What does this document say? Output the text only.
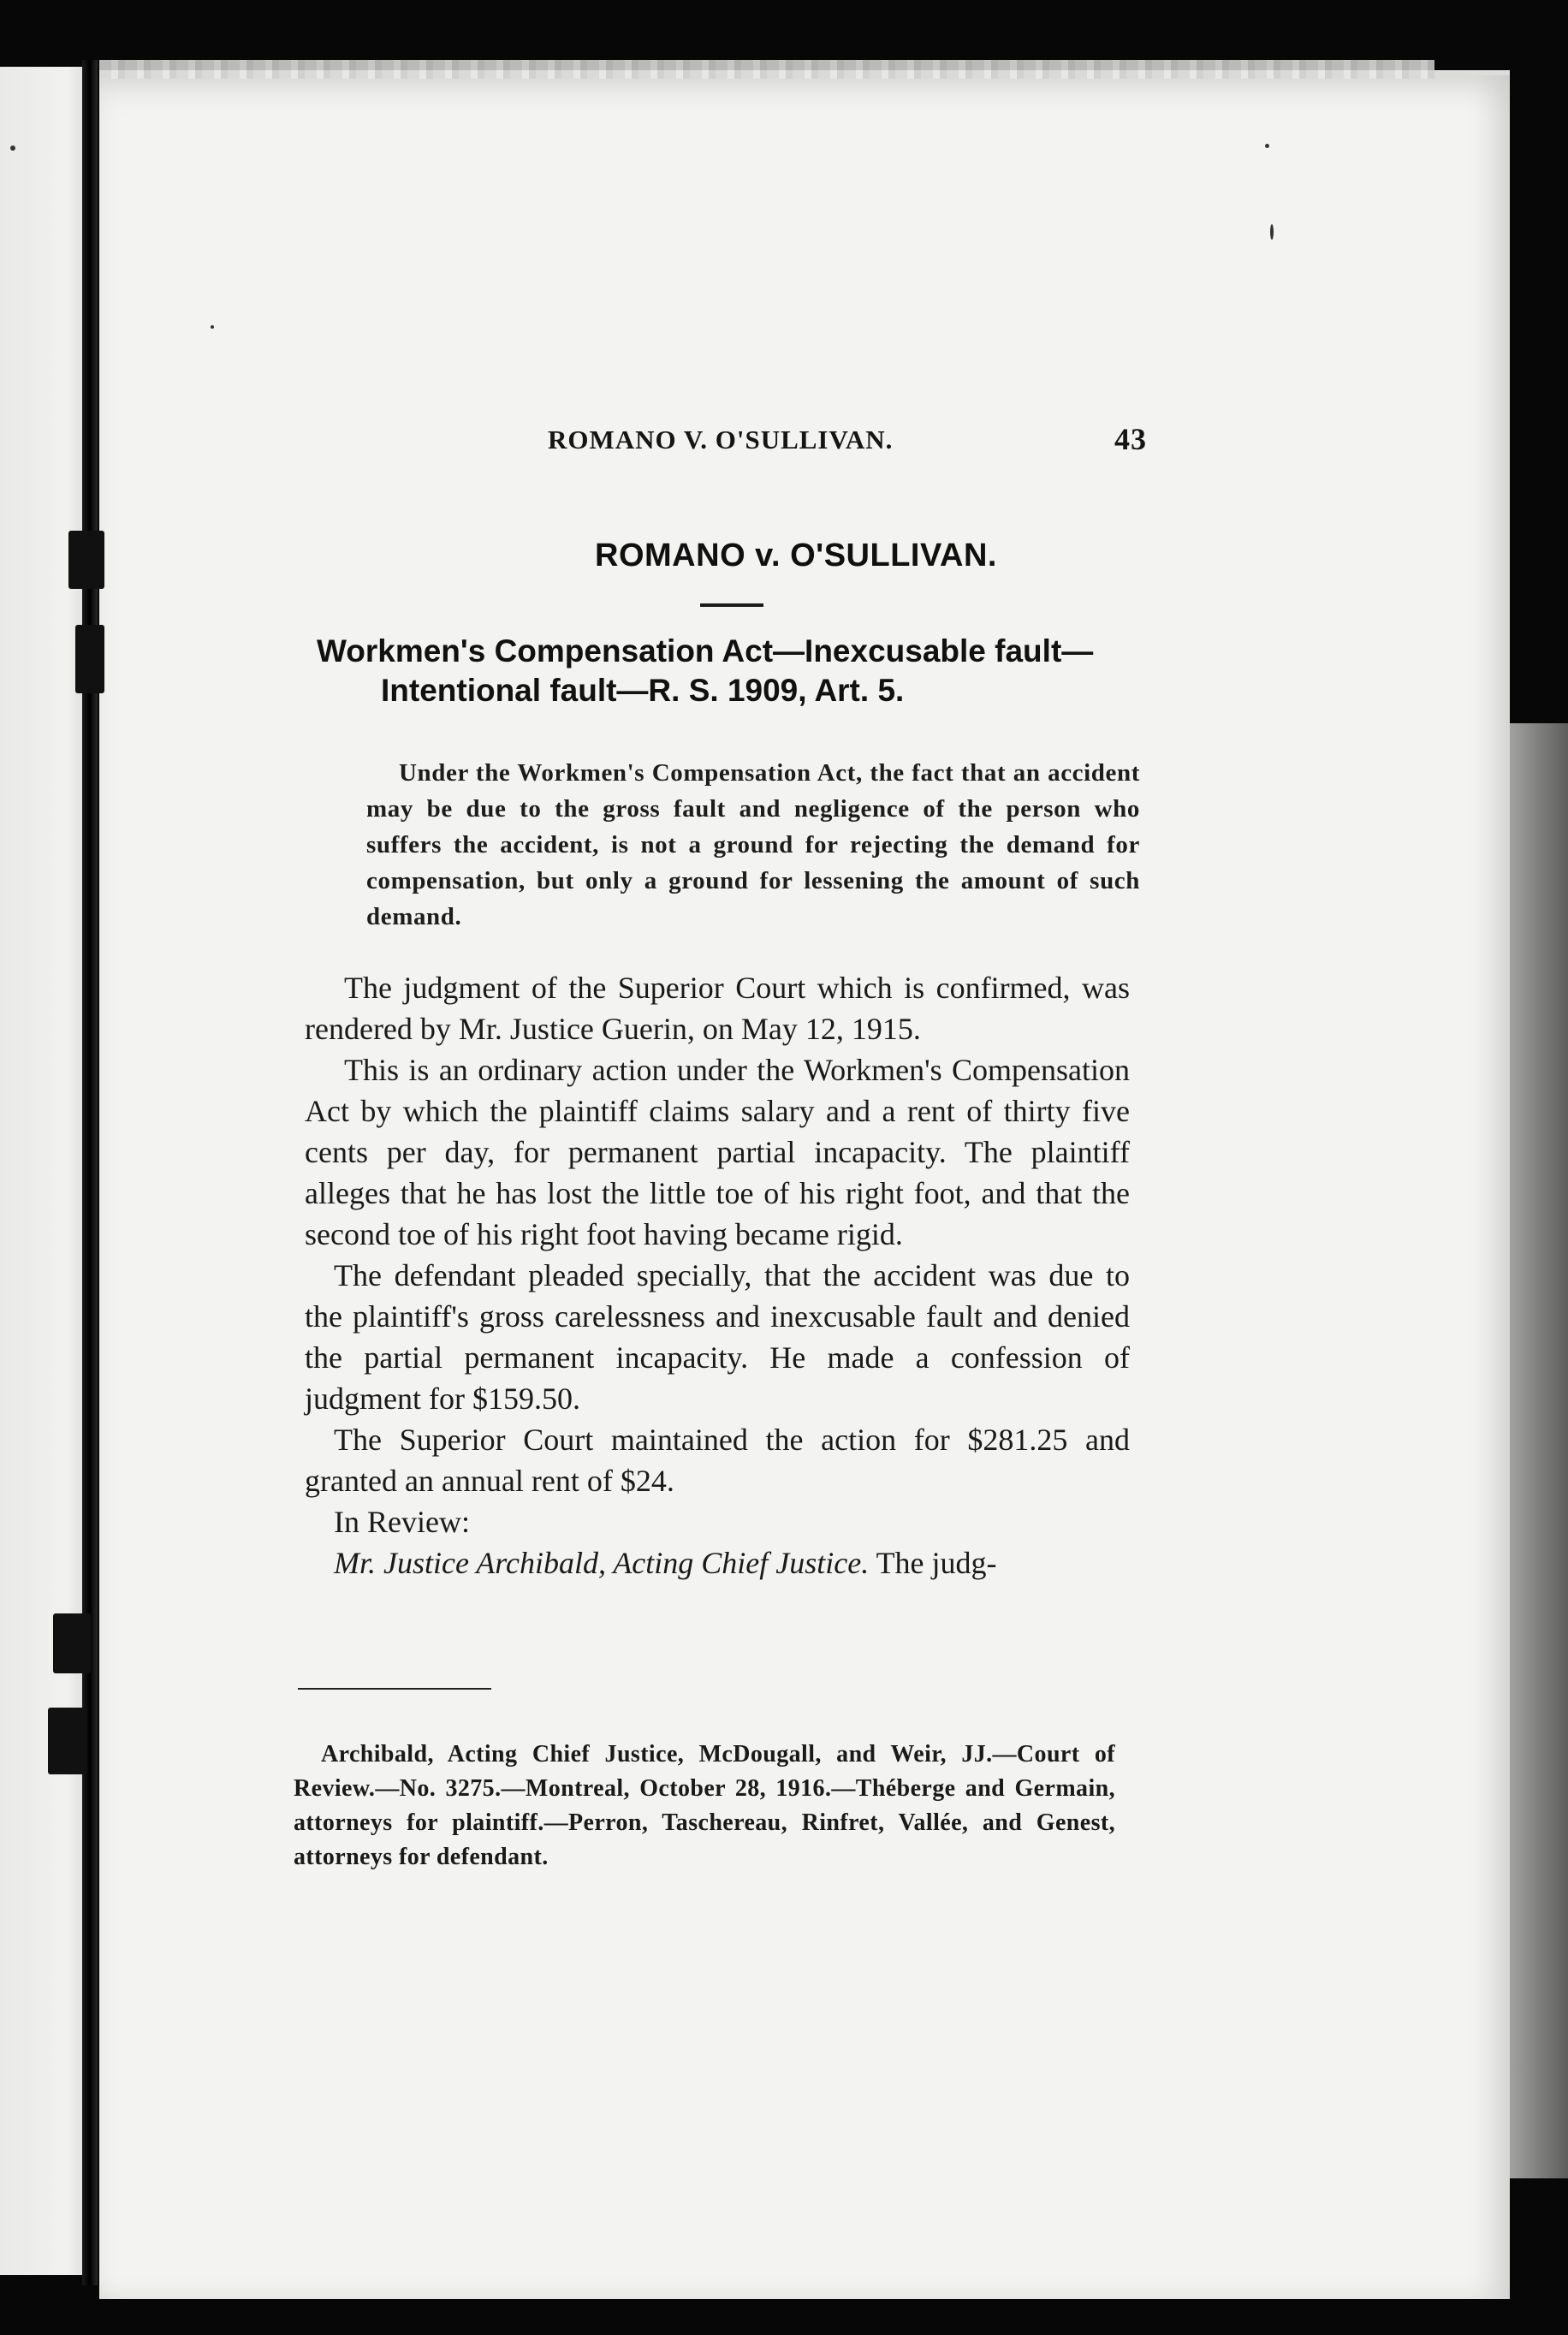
ROMANO V. O'SULLIVAN.	43
ROMANO v. O'SULLIVAN.
Workmen's Compensation Act—Inexcusable fault—
Intentional fault—R. S. 1909, Art. 5.
Under the Workmen's Compensation Act, the fact that an accident may be due to the gross fault and negligence of the person who suffers the accident, is not a ground for rejecting the demand for compensation, but only a ground for lessening the amount of such demand.

The judgment of the Superior Court which is confirmed, was rendered by Mr. Justice Guerin, on May 12, 1915.

This is an ordinary action under the Workmen's Compensation Act by which the plaintiff claims salary and a rent of thirty five cents per day, for permanent partial incapacity. The plaintiff alleges that he has lost the little toe of his right foot, and that the second toe of his right foot having became rigid.

The defendant pleaded specially, that the accident was due to the plaintiff's gross carelessness and inexcusable fault and denied the partial permanent incapacity. He made a confession of judgment for $159.50.

The Superior Court maintained the action for $281.25 and granted an annual rent of $24.

In Review:

Mr. Justice Archibald, Acting Chief Justice. The judg-

Archibald, Acting Chief Justice, McDougall, and Weir, JJ.—Court of Review.—No. 3275.—Montreal, October 28, 1916.—Théberge and Germain, attorneys for plaintiff.—Perron, Taschereau, Rinfret, Vallée, and Genest, attorneys for defendant.
